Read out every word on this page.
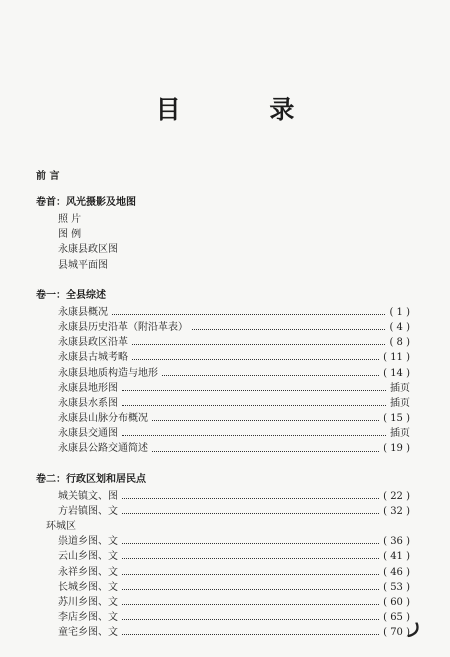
目 录
前 言
卷首：风光摄影及地图
照 片
图 例
永康县政区图
县城平面图
卷一：全县综述
永康县概况	( 1 )
永康县历史沿革（附沿革表）	( 4 )
永康县政区沿革	( 8 )
永康县古城考略	( 11 )
永康县地质构造与地形	( 14 )
永康县地形图	插页
永康县水系图	插页
永康县山脉分布概况	( 15 )
永康县交通图	插页
永康县公路交通简述	( 19 )
卷二：行政区划和居民点
城关镇文、图	( 22 )
方岩镇图、文	( 32 )
环城区
祟道乡图、文	( 36 )
云山乡图、文	( 41 )
永祥乡图、文	( 46 )
长城乡图、文	( 53 )
苏川乡图、文	( 60 )
李店乡图、文	( 65 )
童宅乡图、文	( 70 )
ر
